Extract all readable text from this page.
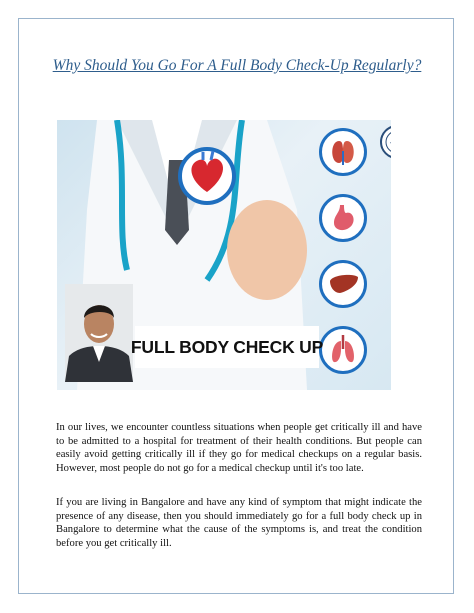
Why Should You Go For A Full Body Check-Up Regularly?
FULL BODY CHECK UP

In our lives, we encounter countless situations when people get critically ill and have to be admitted to a hospital for treatment of their health conditions. But people can easily avoid getting critically ill if they go for medical checkups on a regular basis. However, most people do not go for a medical checkup until it's too late.

If you are living in Bangalore and have any kind of symptom that might indicate the presence of any disease, then you should immediately go for a full body check up in Bangalore to determine what the cause of the symptoms is, and treat the condition before you get critically ill.
